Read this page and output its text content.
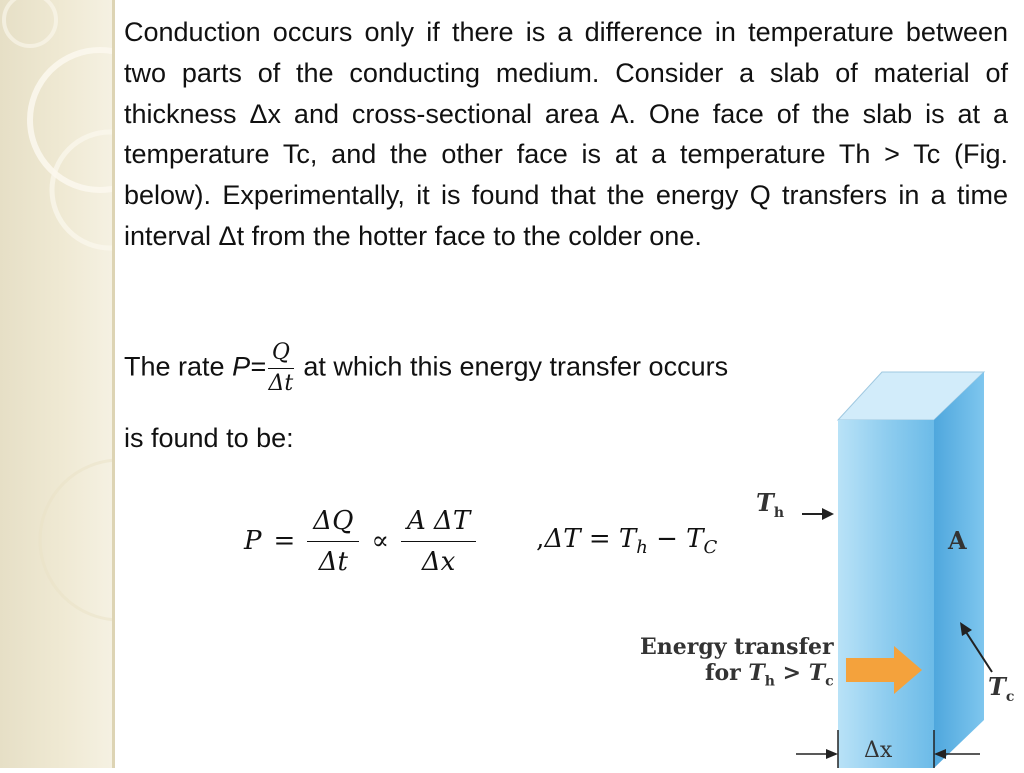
Conduction occurs only if there is a difference in temperature between two parts of the conducting medium. Consider a slab of material of thickness Δx and cross-sectional area A. One face of the slab is at a temperature Tc, and the other face is at a temperature Th > Tc (Fig. below). Experimentally, it is found that the energy Q transfers in a time interval Δt from the hotter face to the colder one.

The rate $P= \frac{Q}{\Delta t}$ at which this energy transfer occurs
is found to be:
$P = \frac{\Delta Q}{\Delta t} \propto \frac{\text{A ΔT}}{\Delta x} ,\Delta T = T_h - T_C$
$T_h$
A
Energy transfer
for $T_h > T_c$	$T_c$
Δx
